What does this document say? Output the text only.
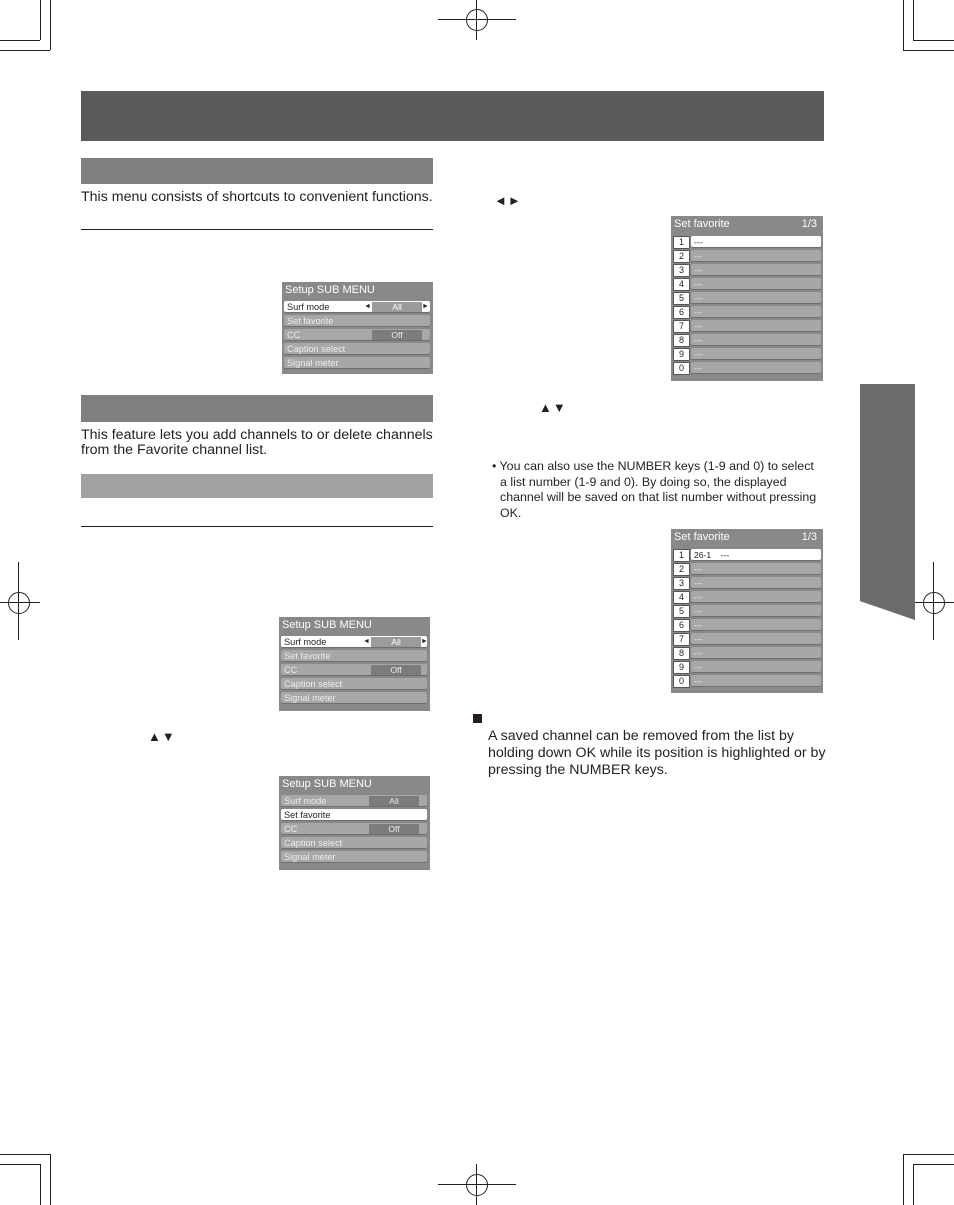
This menu consists of shortcuts to convenient functions.
Setup SUB MENU
Surf mode	◄	All	►
Set favorite
CC	Off
Caption select
Signal meter
This feature lets you add channels to or delete channels
from the Favorite channel list.
Setup SUB MENU
Surf mode	◄	All	►
Set favorite
CC	Off
Caption select
Signal meter
▲▼
Setup SUB MENU
Surf mode	All
Set favorite
CC	Off
Caption select
Signal meter
◄►
Set favorite	1/3
1	---
2	---
3	---
4	---
5	---
6	---
7	---
8	---
9	---
0	---
▲▼
• You can also use the NUMBER keys (1-9 and 0) to select
a list number (1-9 and 0). By doing so, the displayed
channel will be saved on that list number without pressing
OK.
Set favorite	1/3
1	26-1    ---
2	---
3	---
4	---
5	---
6	---
7	---
8	---
9	---
0	---
A saved channel can be removed from the list by
holding down OK while its position is highlighted or by
pressing the NUMBER keys.
